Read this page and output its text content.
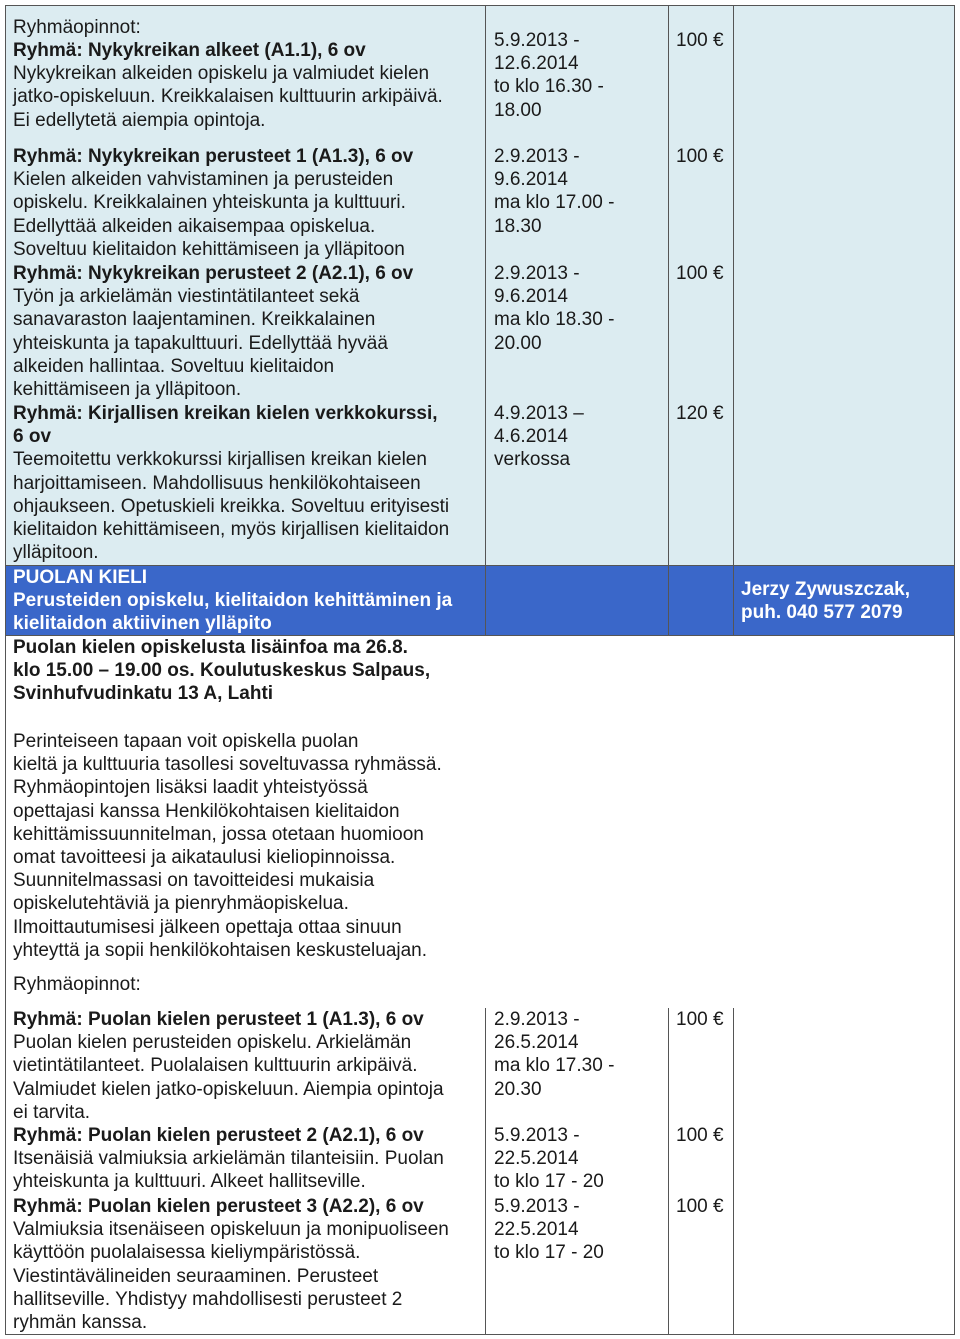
Ryhmäopinnot:
Ryhmä: Nykykreikan alkeet (A1.1), 6 ov
Nykykreikan alkeiden opiskelu ja valmiudet kielen
jatko-opiskeluun. Kreikkalaisen kulttuurin arkipäivä.
Ei edellytetä aiempia opintoja.
5.9.2013 -
12.6.2014
to klo 16.30 -
18.00
100 €
Ryhmä: Nykykreikan perusteet 1 (A1.3), 6 ov
Kielen alkeiden vahvistaminen ja perusteiden
opiskelu. Kreikkalainen yhteiskunta ja kulttuuri.
Edellyttää alkeiden aikaisempaa opiskelua.
Soveltuu kielitaidon kehittämiseen ja ylläpitoon
2.9.2013 -
9.6.2014
ma klo 17.00 -
18.30
100 €
Ryhmä: Nykykreikan perusteet 2 (A2.1), 6 ov
Työn ja arkielämän viestintätilanteet sekä
sanavaraston laajentaminen. Kreikkalainen
yhteiskunta ja tapakulttuuri. Edellyttää hyvää
alkeiden hallintaa. Soveltuu kielitaidon
kehittämiseen ja ylläpitoon.
2.9.2013 -
9.6.2014
ma klo 18.30 -
20.00
100 €
Ryhmä: Kirjallisen kreikan kielen verkkokurssi,
6 ov
Teemoitettu verkkokurssi kirjallisen kreikan kielen
harjoittamiseen. Mahdollisuus henkilökohtaiseen
ohjaukseen. Opetuskieli kreikka. Soveltuu erityisesti
kielitaidon kehittämiseen, myös kirjallisen kielitaidon
ylläpitoon.
4.9.2013 –
4.6.2014
verkossa
120 €
PUOLAN KIELI
Perusteiden opiskelu, kielitaidon kehittäminen ja
kielitaidon aktiivinen ylläpito
Jerzy Zywuszczak,
puh. 040 577 2079
Puolan kielen opiskelusta lisäinfoa ma 26.8.
klo 15.00 – 19.00 os. Koulutuskeskus Salpaus,
Svinhufvudinkatu 13 A, Lahti
Perinteiseen tapaan voit opiskella puolan
kieltä ja kulttuuria tasollesi soveltuvassa ryhmässä.
Ryhmäopintojen lisäksi laadit yhteistyössä
opettajasi kanssa Henkilökohtaisen kielitaidon
kehittämissuunnitelman, jossa otetaan huomioon
omat tavoitteesi ja aikataulusi kieliopinnoissa.
Suunnitelmassasi on tavoitteidesi mukaisia
opiskelutehtäviä ja pienryhmäopiskelua.
Ilmoittautumisesi jälkeen opettaja ottaa sinuun
yhteyttä ja sopii henkilökohtaisen keskusteluajan.
Ryhmäopinnot:
Ryhmä: Puolan kielen perusteet 1 (A1.3), 6 ov
Puolan kielen perusteiden opiskelu. Arkielämän
vietintätilanteet. Puolalaisen kulttuurin arkipäivä.
Valmiudet kielen jatko-opiskeluun. Aiempia opintoja
ei tarvita.
2.9.2013 -
26.5.2014
ma klo 17.30 -
20.30
100 €
Ryhmä: Puolan kielen perusteet 2 (A2.1), 6 ov
Itsenäisiä valmiuksia arkielämän tilanteisiin. Puolan
yhteiskunta ja kulttuuri. Alkeet hallitseville.
5.9.2013 -
22.5.2014
to klo 17 - 20
100 €
Ryhmä: Puolan kielen perusteet 3 (A2.2), 6 ov
Valmiuksia itsenäiseen opiskeluun ja monipuoliseen
käyttöön puolalaisessa kieliympäristössä.
Viestintävälineiden seuraaminen. Perusteet
hallitseville. Yhdistyy mahdollisesti perusteet 2
ryhmän kanssa.
5.9.2013 -
22.5.2014
to klo 17 - 20
100 €
